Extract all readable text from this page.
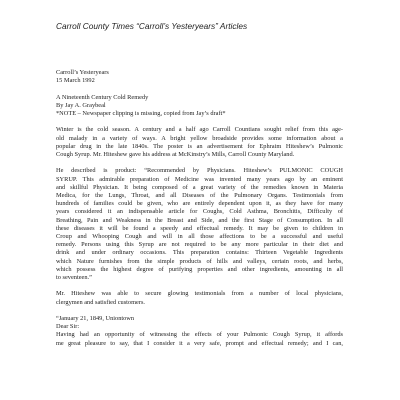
Carroll County Times “Carroll’s Yesteryears” Articles
Carroll’s Yesteryears
15 March 1992
A Nineteenth Century Cold Remedy
By Jay A. Graybeal
*NOTE – Newspaper clipping is missing, copied from Jay’s draft*
Winter is the cold season. A century and a half ago Carroll Countians sought relief from this age-
old malady in a variety of ways. A bright yellow broadside provides some information about a
popular drug in the late 1840s. The poster is an advertisement for Ephraim Hiteshew’s Pulmonic
Cough Syrup. Mr. Hiteshew gave his address at McKinstry’s Mills, Carroll County Maryland.
He described is product: “Recommended by Physicians. Hiteshew’s PULMONIC COUGH
SYRUP. This admirable preparation of Medicine was invented many years ago by an eminent
and skillful Physician. It being composed of a great variety of the remedies known in Materia
Medica, for the Lungs, Throat, and all Diseases of the Pulmonary Organs. Testimonials from
hundreds of families could be given, who are entirely dependent upon it, as they have for many
years considered it an indispensable article for Coughs, Cold Asthma, Bronchitis, Difficulty of
Breathing, Pain and Weakness in the Breast and Side, and the first Stage of Consumption. In all
these diseases it will be found a speedy and effectual remedy. It may be given to children in
Croup and Whooping Cough and will in all those affections to be a successful and useful
remedy. Persons using this Syrup are not required to be any more particular in their diet and
drink and under ordinary occasions. This preparation contains: Thirteen Vegetable Ingredients
which Nature furnishes from the simple products of hills and valleys, certain roots, and herbs,
which possess the highest degree of purifying properties and other ingredients, amounting in all
to seventeen.”
Mr. Hiteshew was able to secure glowing testimonials from a number of local physicians,
clergymen and satisfied customers.
“January 21, 1849, Uniontown
Dear Sir:
Having had an opportunity of witnessing the effects of your Pulmonic Cough Syrup, it affords
me great pleasure to say, that I consider it a very safe, prompt and effectual remedy; and I can,
